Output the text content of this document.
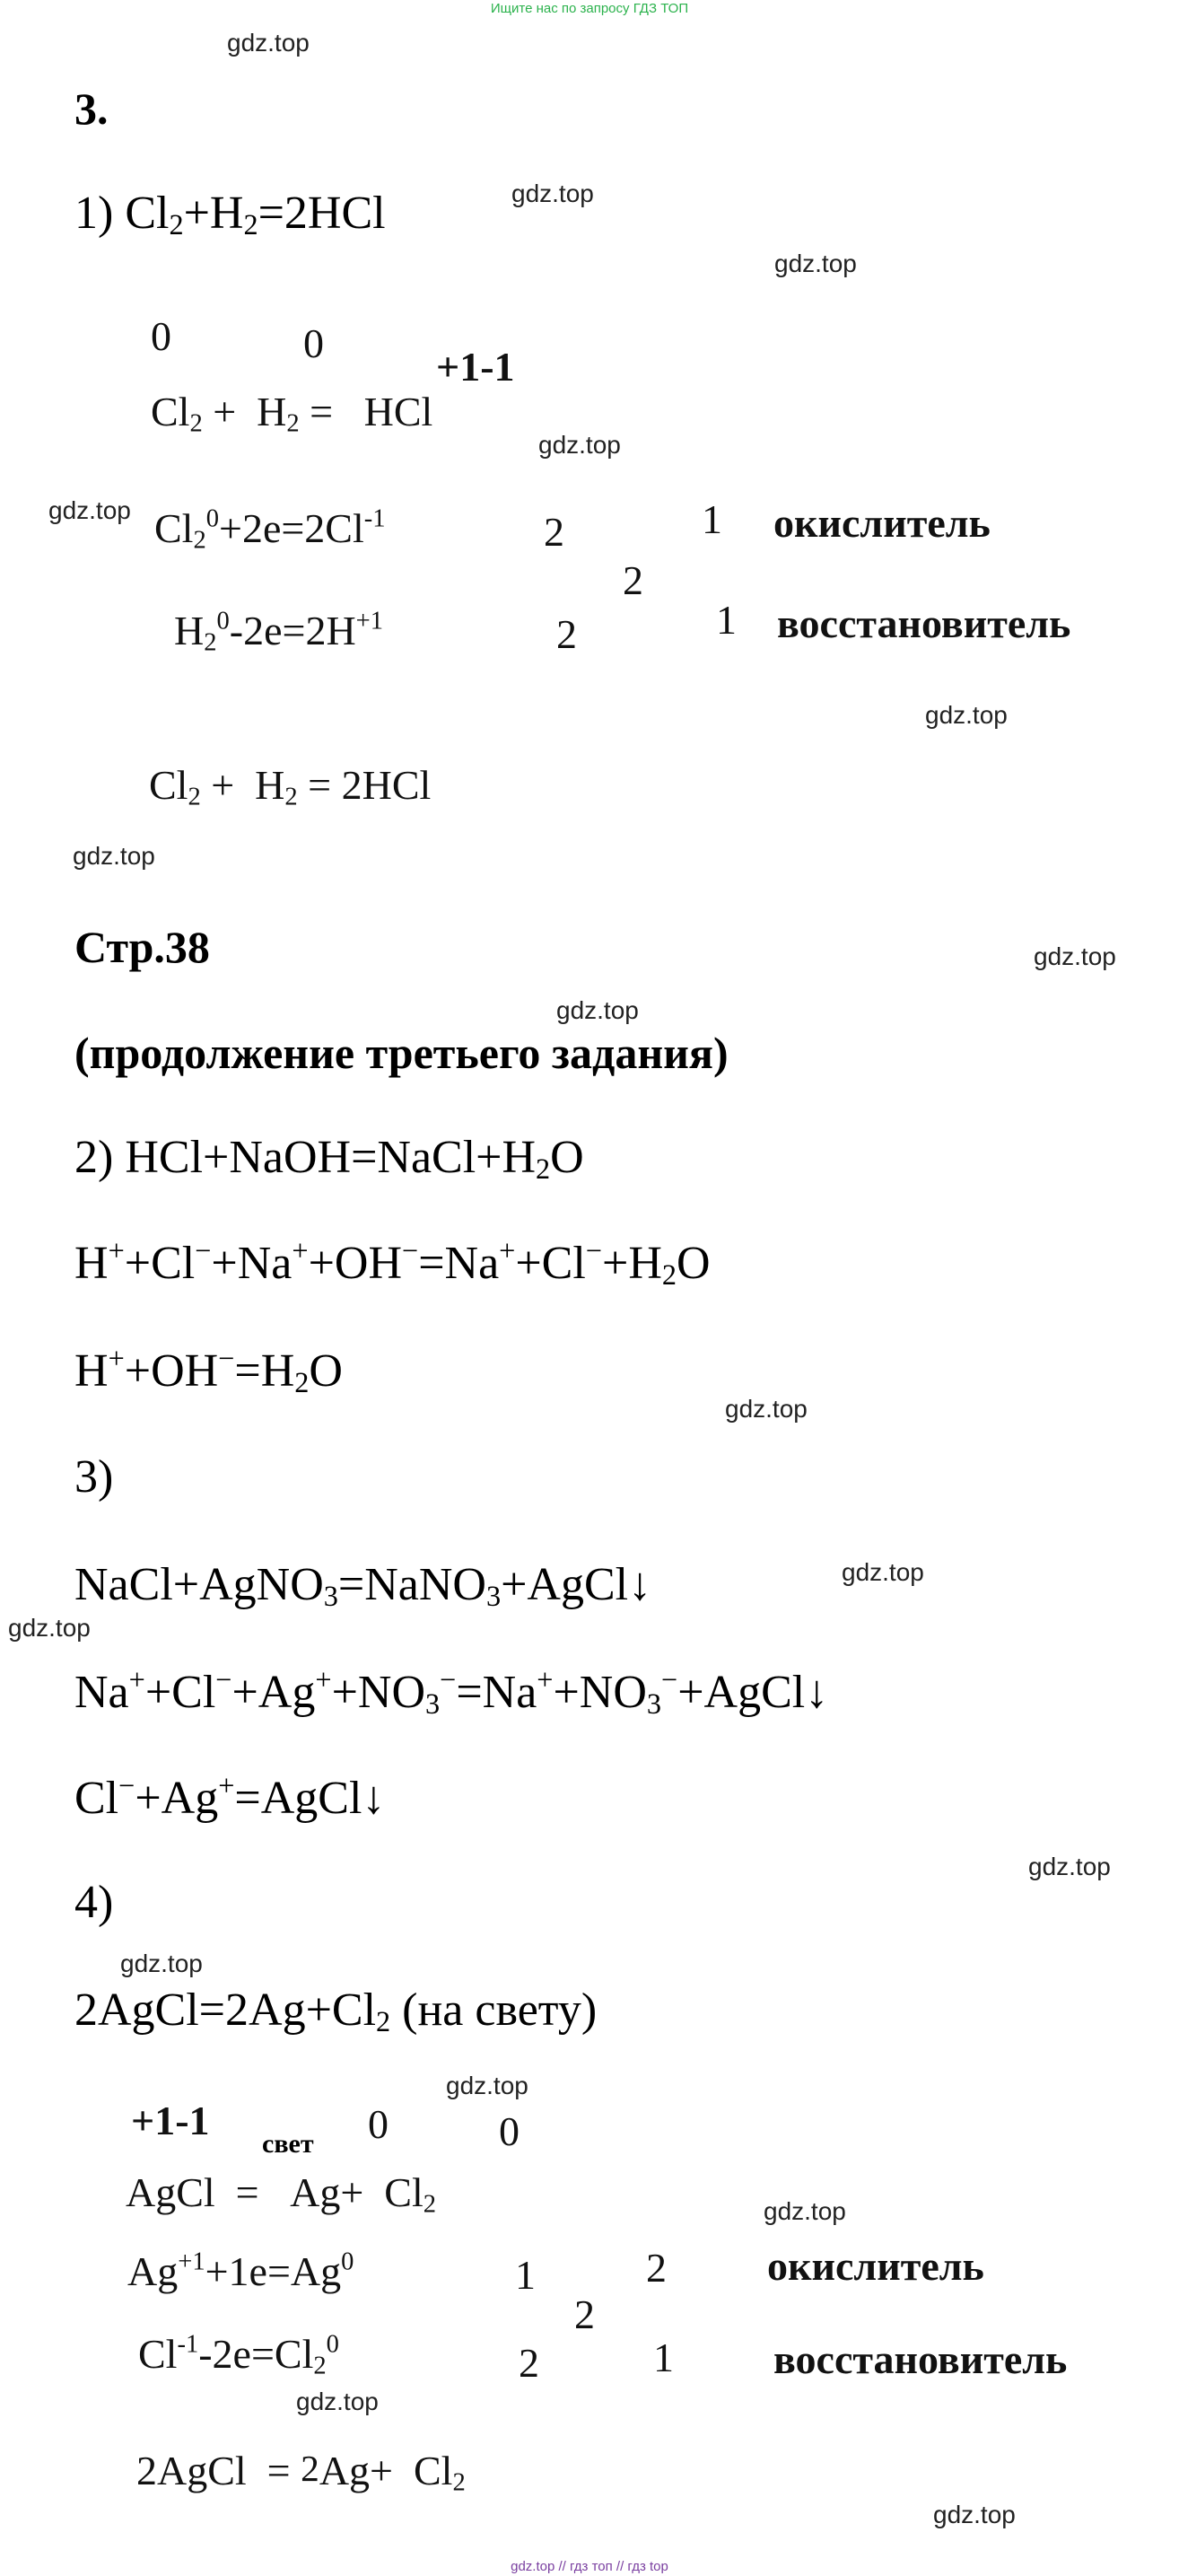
Ищите нас по запросу ГДЗ ТОП
gdz.top
gdz.top
gdz.top
gdz.top
gdz.top
gdz.top
gdz.top
gdz.top
gdz.top
gdz.top
gdz.top
gdz.top
gdz.top
gdz.top
gdz.top
gdz.top
gdz.top
gdz.top
3.
1) $Cl_2+H_2=2HCl$
0	0
+1-1
$Cl_2 + H_2$ =   HCl
$Cl_2^0+2e=2Cl^{-1}$	2	1 окислитель
2
$H_2^0-2e=2H^{+1}$	2	1 восстановитель
$Cl_2 + H_2 = 2HCl$
Стр.38
(продолжение третьего задания)
2) $HCl+NaOH=NaCl+H_2O$
$H^++Cl^-+Na^++OH^-=Na^++Cl^-+H_2O$
$H^++OH^-=H_2O$
3)
NaCl+AgNO$_3$=NaNO$_3$+AgCl↓
$Na^++Cl^-+Ag^++NO_3^-=Na^++NO_3^-+AgCl↓$
Cl−+Ag+=AgCl↓
4)
$2AgCl=2Ag+Cl_2$ (на свету)
+1-1
свет 0	0
AgCl  =   $Ag+ Cl_2$
$Ag^{+1}+1e=Ag^0$	1	2 окислитель
2
$Cl^{-1}-2e=Cl_2^0$	2	1 восстановитель
2AgCl  = $^2Ag+ Cl_2$
gdz.top // гдз топ // гдз top
